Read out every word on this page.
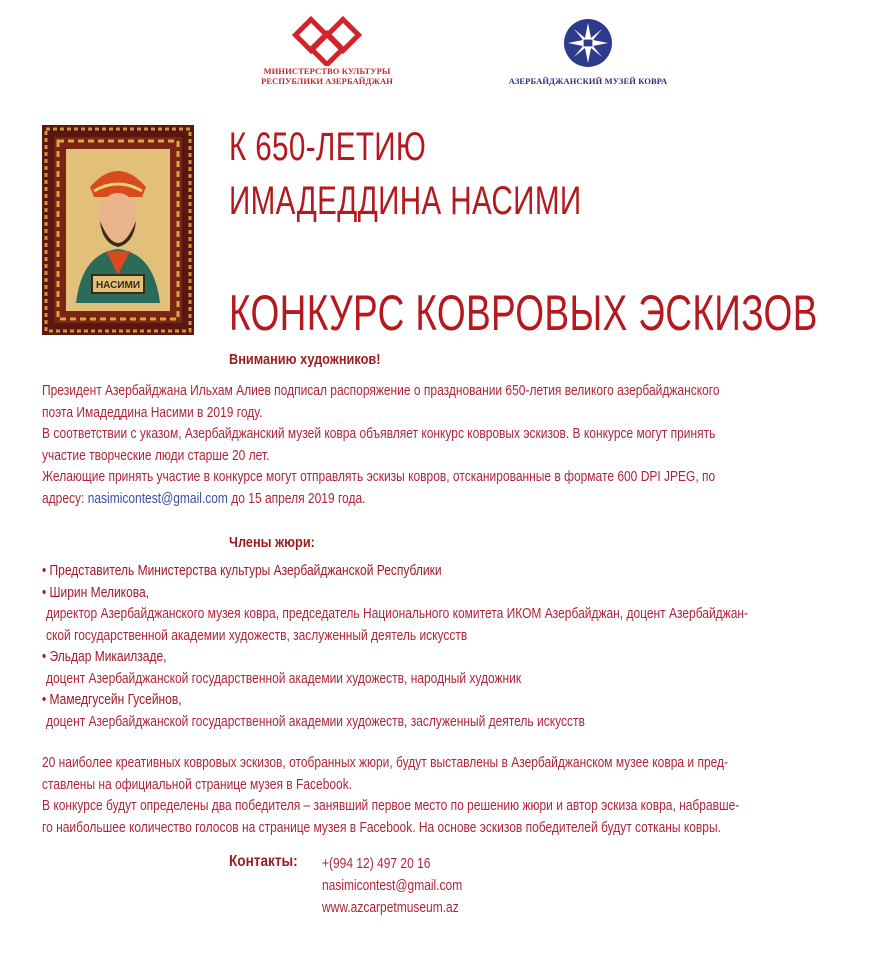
МИНИСТЕРСТВО КУЛЬТУРЫ
РЕСПУБЛИКИ АЗЕРБАЙДЖАН	АЗЕРБАЙДЖАНСКИЙ МУЗЕЙ КОВРА
НАСИМИ
К 650-ЛЕТИЮ
ИМАДЕДДИНА НАСИМИ
КОНКУРС КОВРОВЫХ ЭСКИЗОВ
Вниманию художников!
Президент Азербайджана Ильхам Алиев подписал распоряжение о праздновании 650-летия великого азербайджанского
поэта Имадеддина Насими в 2019 году.
В соответствии с указом, Азербайджанский музей ковра объявляет конкурс ковровых эскизов. В конкурсе могут принять
участие творческие люди старше 20 лет.
Желающие принять участие в конкурсе могут отправлять эскизы ковров, отсканированные в формате 600 DPI JPEG, по
адресу: nasimicontest@gmail.com до 15 апреля 2019 года.
Члены жюри:
• Представитель Министерства культуры Азербайджанской Республики
• Ширин Меликова,
директор Азербайджанского музея ковра, председатель Национального комитета ИКОМ Азербайджан, доцент Азербайджан-
ской государственной академии художеств, заслуженный деятель искусств
• Эльдар Микаилзаде,
доцент Азербайджанской государственной академии художеств, народный художник
• Мамедгусейн Гусейнов,
доцент Азербайджанской государственной академии художеств, заслуженный деятель искусств
20 наиболее креативных ковровых эскизов, отобранных жюри, будут выставлены в Азербайджанском музее ковра и пред-
ставлены на официальной странице музея в Facebook.
В конкурсе будут определены два победителя – занявший первое место по решению жюри и автор эскиза ковра, набравше-
го наибольшее количество голосов на странице музея в Facebook. На основе эскизов победителей будут сотканы ковры.
Контакты: +(994 12) 497 20 16
nasimicontest@gmail.com
www.azcarpetmuseum.az
